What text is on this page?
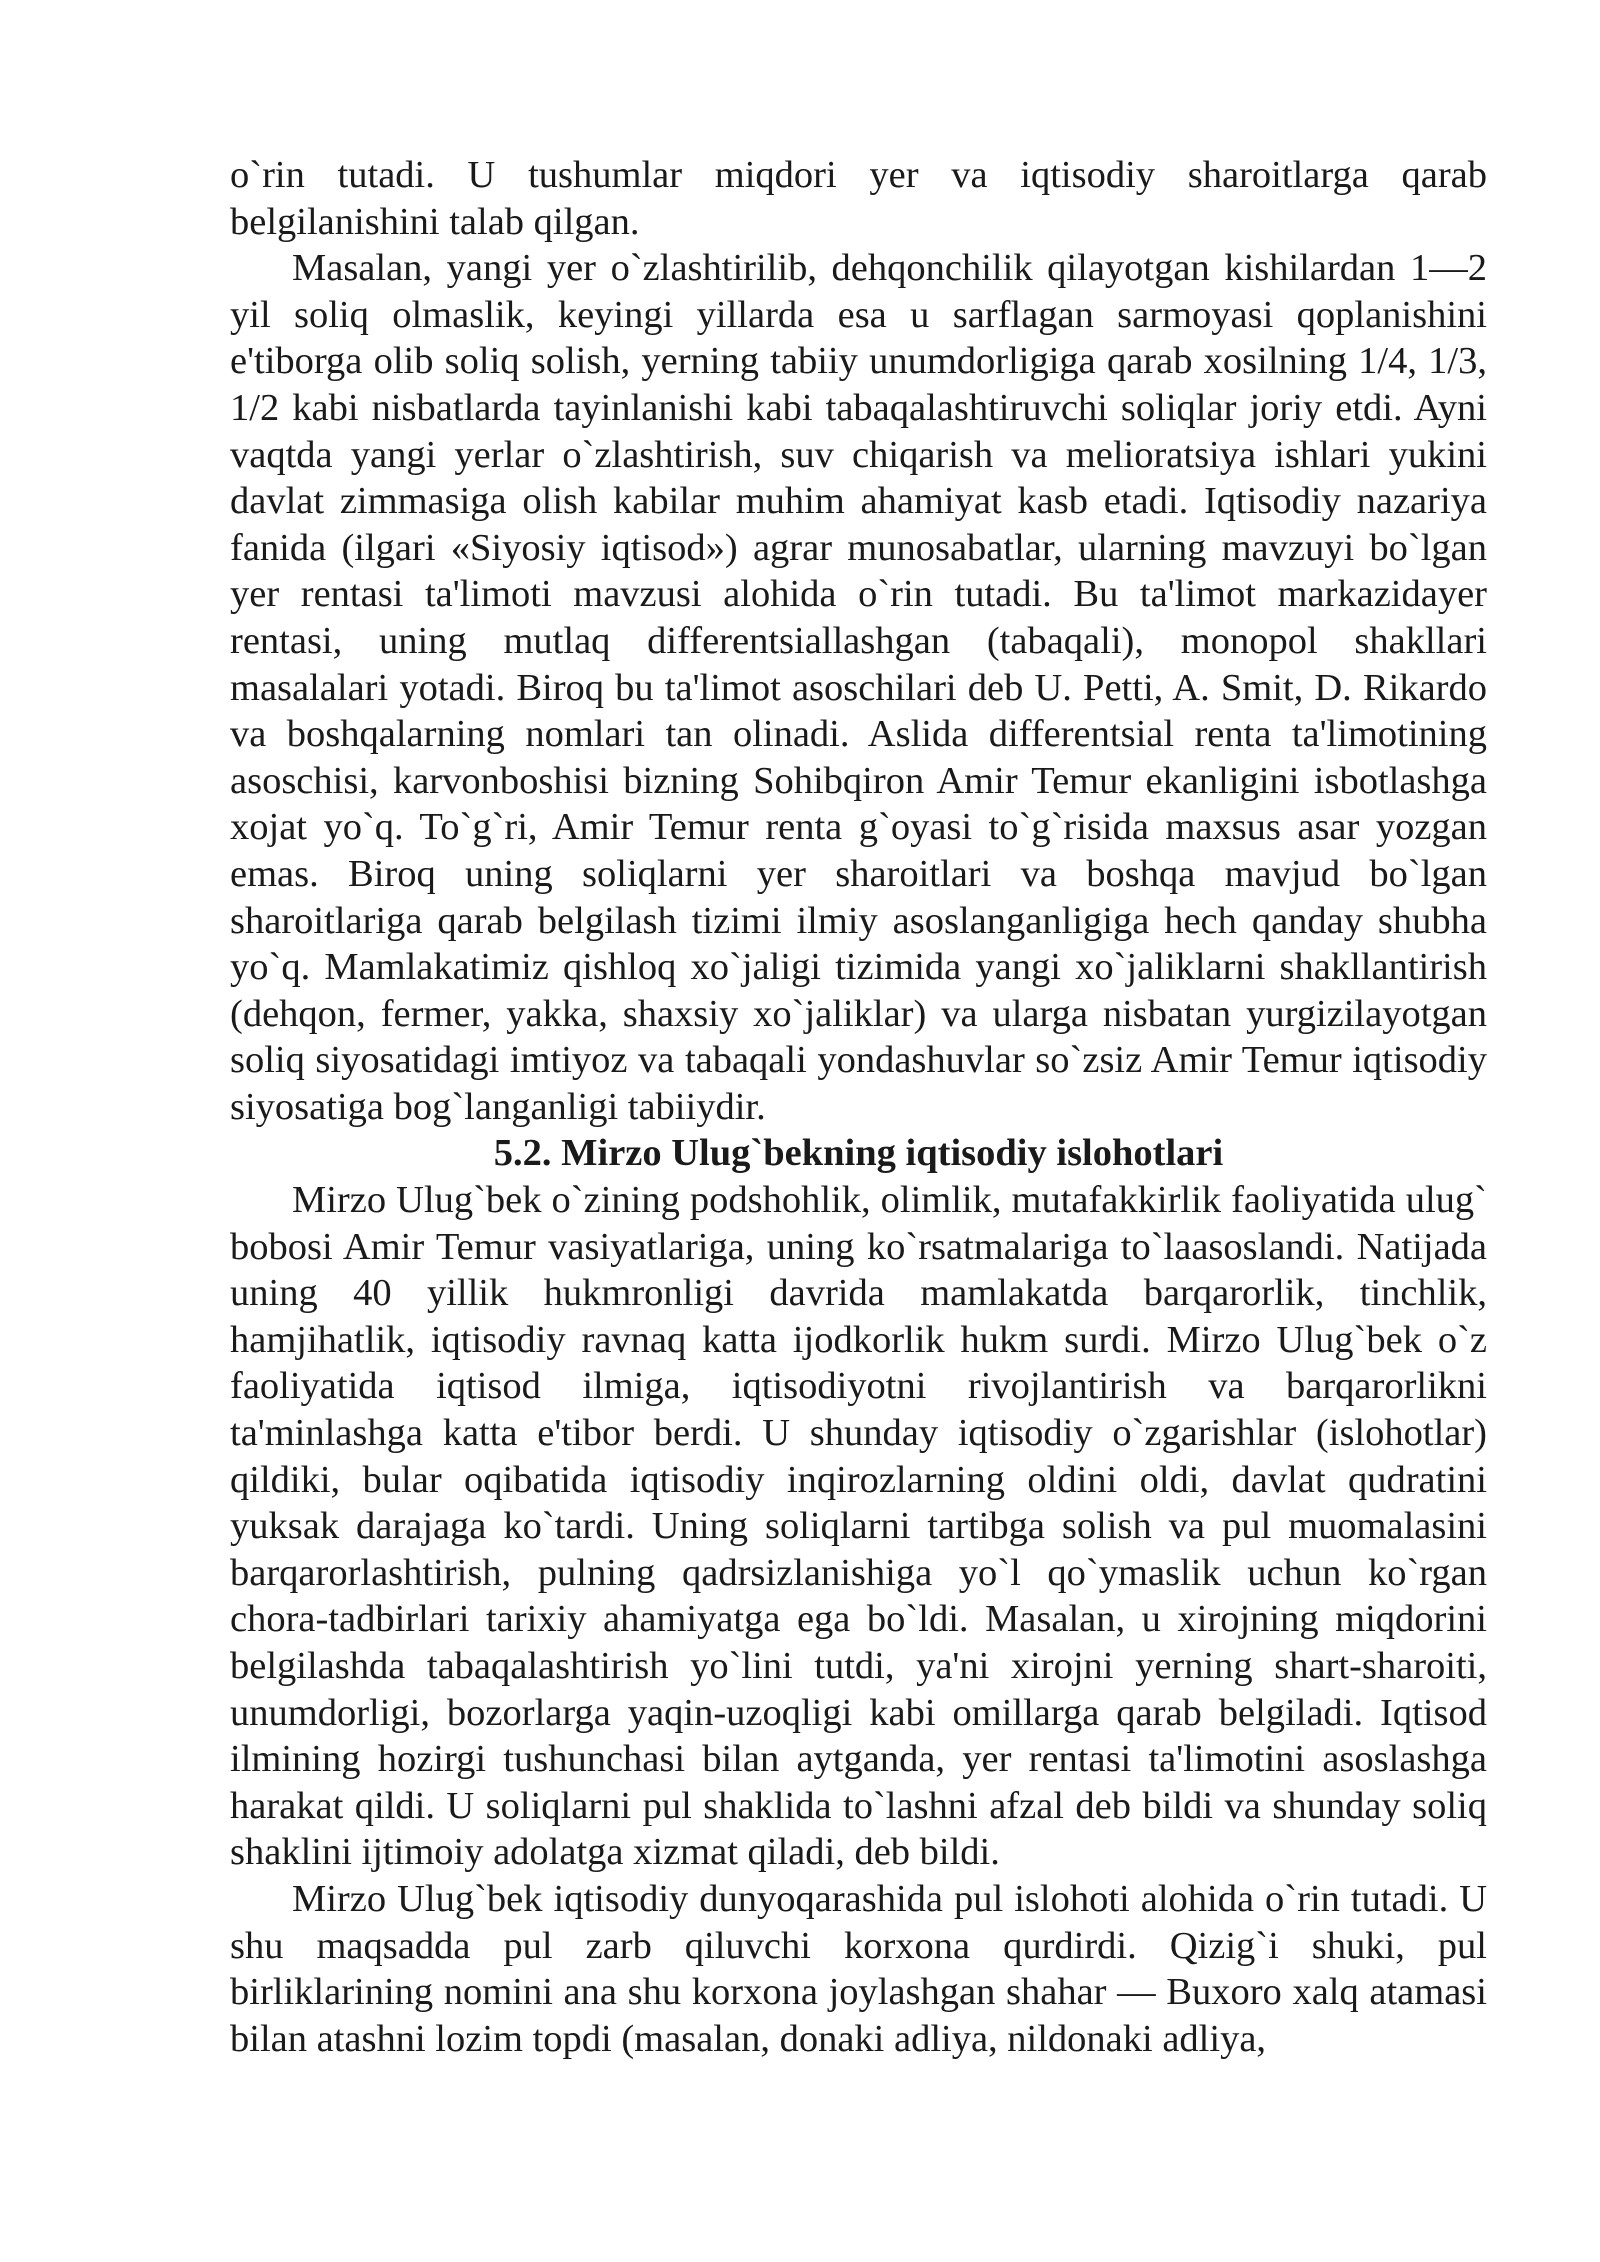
o`rin tutadi. U tushumlar miqdori yer va iqtisodiy sharoitlarga qarab belgilanishini talab qilgan.

Masalan, yangi yer o`zlashtirilib, dehqonchilik qilayotgan kishilardan 1—2 yil soliq olmaslik, keyingi yillarda esa u sarflagan sarmoyasi qoplanishini e'tiborga olib soliq solish, yerning tabiiy unumdorligiga qarab xosilning 1/4, 1/3, 1/2 kabi nisbatlarda tayinlanishi kabi tabaqalashtiruvchi soliqlar joriy etdi. Ayni vaqtda yangi yerlar o`zlashtirish, suv chiqarish va melioratsiya ishlari yukini davlat zimmasiga olish kabilar muhim ahamiyat kasb etadi. Iqtisodiy nazariya fanida (ilgari «Siyosiy iqtisod») agrar munosabatlar, ularning mavzuyi bo`lgan yer rentasi ta'limoti mavzusi alohida o`rin tutadi. Bu ta'limot markazidayer rentasi, uning mutlaq differentsiallashgan (tabaqali), monopol shakllari masalalari yotadi. Biroq bu ta'limot asoschilari deb U. Petti, A. Smit, D. Rikardo va boshqalarning nomlari tan olinadi. Aslida differentsial renta ta'limotining asoschisi, karvonboshisi bizning Sohibqiron Amir Temur ekanligini isbotlashga xojat yo`q. To`g`ri, Amir Temur renta g`oyasi to`g`risida maxsus asar yozgan emas. Biroq uning soliqlarni yer sharoitlari va boshqa mavjud bo`lgan sharoitlariga qarab belgilash tizimi ilmiy asoslanganligiga hech qanday shubha yo`q. Mamlakatimiz qishloq xo`jaligi tizimida yangi xo`jaliklarni shakllantirish (dehqon, fermer, yakka, shaxsiy xo`jaliklar) va ularga nisbatan yurgizilayotgan soliq siyosatidagi imtiyoz va tabaqali yondashuvlar so`zsiz Amir Temur iqtisodiy siyosatiga bog`langanligi tabiiydir.

5.2. Mirzo Ulug`bekning iqtisodiy islohotlari

Mirzo Ulug`bek o`zining podshohlik, olimlik, mutafakkirlik faoliyatida ulug` bobosi Amir Temur vasiyatlariga, uning ko`rsatmalariga to`laasoslandi. Natijada uning 40 yillik hukmronligi davrida mamlakatda barqarorlik, tinchlik, hamjihatlik, iqtisodiy ravnaq katta ijodkorlik hukm surdi. Mirzo Ulug`bek o`z faoliyatida iqtisod ilmiga, iqtisodiyotni rivojlantirish va barqarorlikni ta'minlashga katta e'tibor berdi. U shunday iqtisodiy o`zgarishlar (islohotlar) qildiki, bular oqibatida iqtisodiy inqirozlarning oldini oldi, davlat qudratini yuksak darajaga ko`tardi. Uning soliqlarni tartibga solish va pul muomalasini barqarorlashtirish, pulning qadrsizlanishiga yo`l qo`ymaslik uchun ko`rgan chora-tadbirlari tarixiy ahamiyatga ega bo`ldi. Masalan, u xirojning miqdorini belgilashda tabaqalashtirish yo`lini tutdi, ya'ni xirojni yerning shart-sharoiti, unumdorligi, bozorlarga yaqin-uzoqligi kabi omillarga qarab belgiladi. Iqtisod ilmining hozirgi tushunchasi bilan aytganda, yer rentasi ta'limotini asoslashga harakat qildi. U soliqlarni pul shaklida to`lashni afzal deb bildi va shunday soliq shaklini ijtimoiy adolatga xizmat qiladi, deb bildi.

Mirzo Ulug`bek iqtisodiy dunyoqarashida pul islohoti alohida o`rin tutadi. U shu maqsadda pul zarb qiluvchi korxona qurdirdi. Qizig`i shuki, pul birliklarining nomini ana shu korxona joylashgan shahar — Buxoro xalq atamasi bilan atashni lozim topdi (masalan, donaki adliya, nildonaki adliya,
